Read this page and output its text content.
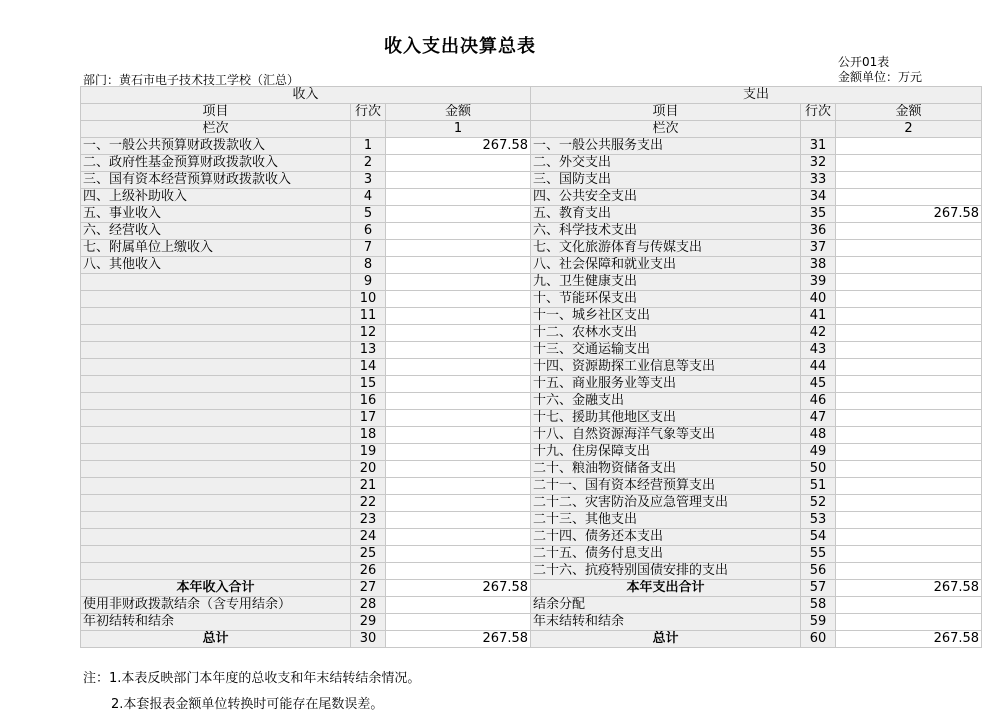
收入支出决算总表
公开01表
金额单位：万元
部门：黄石市电子技术技工学校（汇总）
收入			支出		
项目	行次	金额	项目	行次	金额
栏次		1	栏次		2
一、一般公共预算财政拨款收入	1	267.58	一、一般公共服务支出	31	
二、政府性基金预算财政拨款收入	2		二、外交支出	32	
三、国有资本经营预算财政拨款收入	3		三、国防支出	33	
四、上级补助收入	4		四、公共安全支出	34	
五、事业收入	5		五、教育支出	35	267.58
六、经营收入	6		六、科学技术支出	36	
七、附属单位上缴收入	7		七、文化旅游体育与传媒支出	37	
八、其他收入	8		八、社会保障和就业支出	38	
	9		九、卫生健康支出	39	
	10		十、节能环保支出	40	
	11		十一、城乡社区支出	41	
	12		十二、农林水支出	42	
	13		十三、交通运输支出	43	
	14		十四、资源勘探工业信息等支出	44	
	15		十五、商业服务业等支出	45	
	16		十六、金融支出	46	
	17		十七、援助其他地区支出	47	
	18		十八、自然资源海洋气象等支出	48	
	19		十九、住房保障支出	49	
	20		二十、粮油物资储备支出	50	
	21		二十一、国有资本经营预算支出	51	
	22		二十二、灾害防治及应急管理支出	52	
	23		二十三、其他支出	53	
	24		二十四、债务还本支出	54	
	25		二十五、债务付息支出	55	
	26		二十六、抗疫特别国债安排的支出	56	
本年收入合计	27	267.58	本年支出合计	57	267.58
使用非财政拨款结余（含专用结余）	28		结余分配	58	
年初结转和结余	29		年末结转和结余	59	
总计	30	267.58	总计	60	267.58
注：1.本表反映部门本年度的总收支和年末结转结余情况。
2.本套报表金额单位转换时可能存在尾数误差。
